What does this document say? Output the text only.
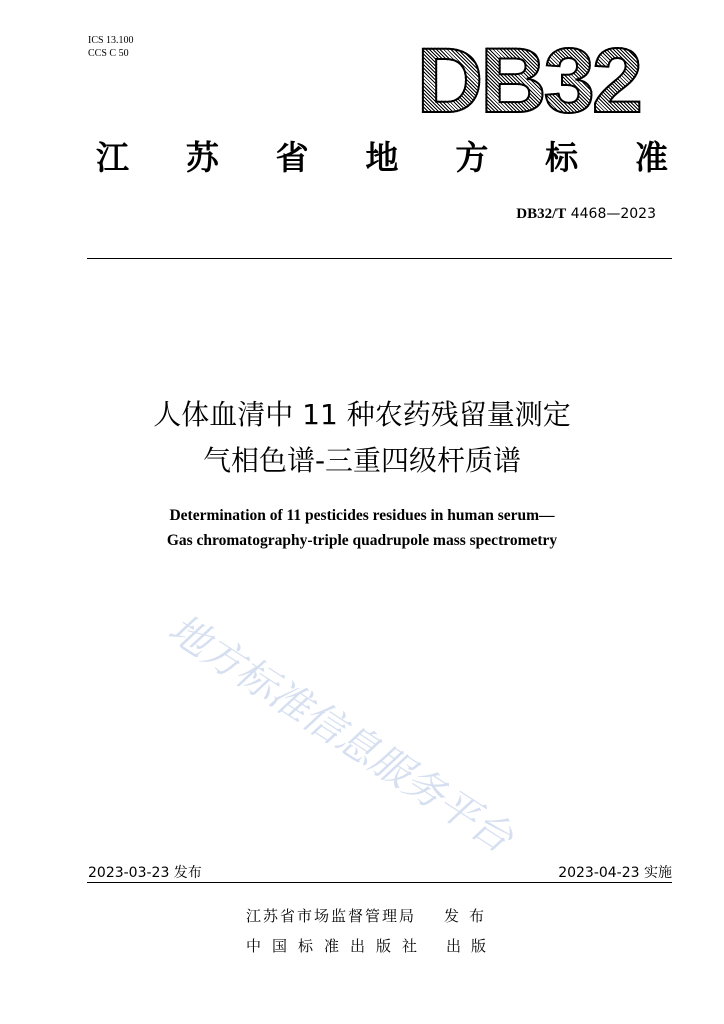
ICS 13.100
CCS C 50	DB32
江 苏 省 地 方 标 准
DB32/T 4468—2023
人体血清中 11 种农药残留量测定
气相色谱-三重四级杆质谱
Determination of 11 pesticides residues in human serum—
Gas chromatography-triple quadrupole mass spectrometry
地方标准信息服务平台
2023-03-23 发布	2023-04-23 实施
江苏省市场监督管理局 发布
中国标准出版社 出版
